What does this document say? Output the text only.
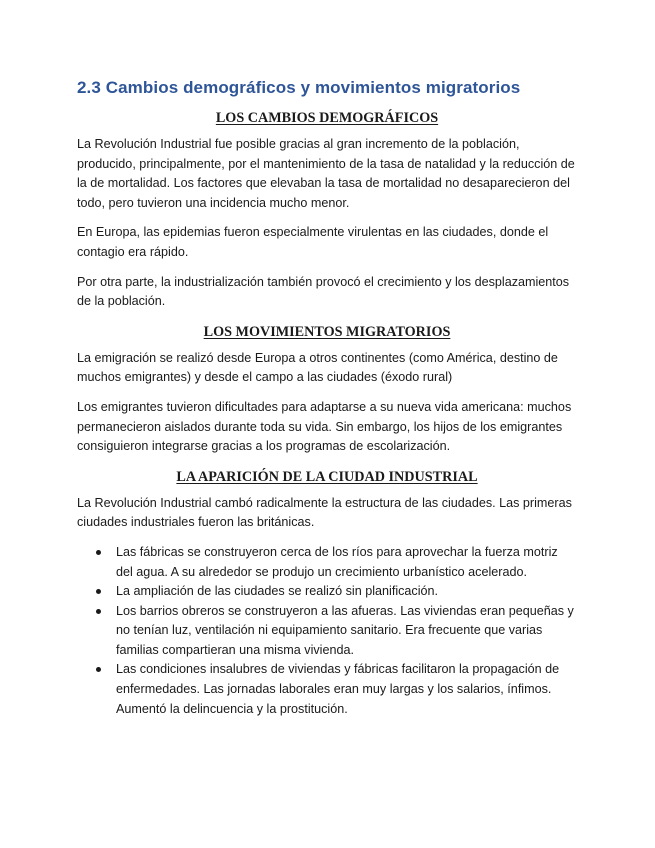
2.3 Cambios demográficos y movimientos migratorios
LOS CAMBIOS DEMOGRÁFICOS

La Revolución Industrial fue posible gracias al gran incremento de la población, producido, principalmente, por el mantenimiento de la tasa de natalidad y la reducción de la de mortalidad. Los factores que elevaban la tasa de mortalidad no desaparecieron del todo, pero tuvieron una incidencia mucho menor.

En Europa, las epidemias fueron especialmente virulentas en las ciudades, donde el contagio era rápido.

Por otra parte, la industrialización también provocó el crecimiento y los desplazamientos de la población.

LOS MOVIMIENTOS MIGRATORIOS

La emigración se realizó desde Europa a otros continentes (como América, destino de muchos emigrantes) y desde el campo a las ciudades (éxodo rural)

Los emigrantes tuvieron dificultades para adaptarse a su nueva vida americana: muchos permanecieron aislados durante toda su vida. Sin embargo, los hijos de los emigrantes consiguieron integrarse gracias a los programas de escolarización.

LA APARICIÓN DE LA CIUDAD INDUSTRIAL

La Revolución Industrial cambó radicalmente la estructura de las ciudades. Las primeras ciudades industriales fueron las británicas.

Las fábricas se construyeron cerca de los ríos para aprovechar la fuerza motriz del agua. A su alrededor se produjo un crecimiento urbanístico acelerado.
La ampliación de las ciudades se realizó sin planificación.
Los barrios obreros se construyeron a las afueras. Las viviendas eran pequeñas y no tenían luz, ventilación ni equipamiento sanitario. Era frecuente que varias familias compartieran una misma vivienda.
Las condiciones insalubres de viviendas y fábricas facilitaron la propagación de enfermedades. Las jornadas laborales eran muy largas y los salarios, ínfimos. Aumentó la delincuencia y la prostitución.
